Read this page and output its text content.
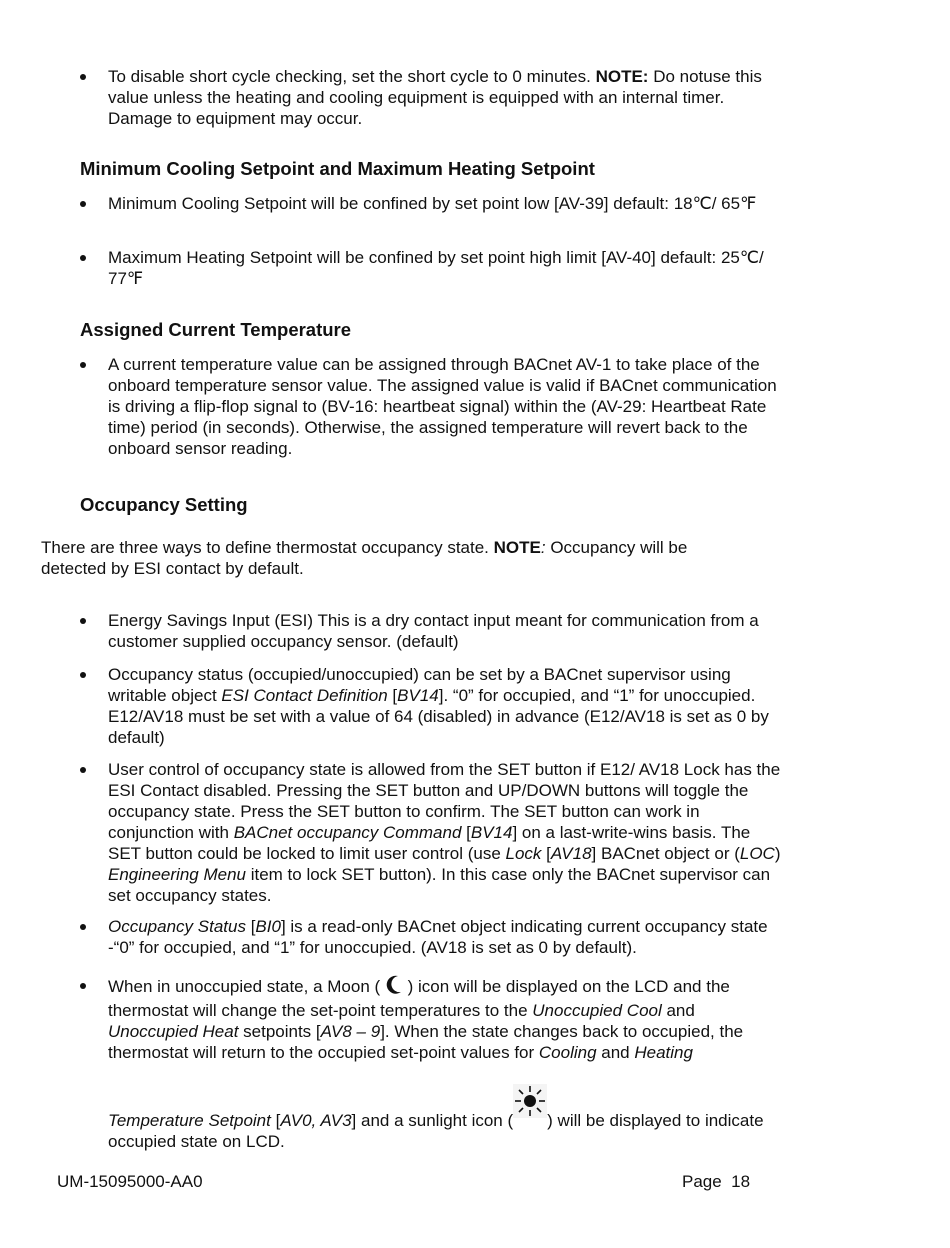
To disable short cycle checking, set the short cycle to 0 minutes. NOTE: Do notuse this value unless the heating and cooling equipment is equipped with an internal timer. Damage to equipment may occur.
Minimum Cooling Setpoint and Maximum Heating Setpoint
Minimum Cooling Setpoint will be confined by set point low [AV-39] default: 18℃/ 65℉
Maximum Heating Setpoint will be confined by set point high limit [AV-40] default: 25℃/ 77℉
Assigned Current Temperature
A current temperature value can be assigned through BACnet AV-1 to take place of the onboard temperature sensor value. The assigned value is valid if BACnet communication is driving a flip-flop signal to (BV-16: heartbeat signal) within the (AV-29: Heartbeat Rate time) period (in seconds). Otherwise, the assigned temperature will revert back to the onboard sensor reading.
Occupancy Setting

There are three ways to define thermostat occupancy state. NOTE: Occupancy will be detected by ESI contact by default.

Energy Savings Input (ESI) This is a dry contact input meant for communication from a customer supplied occupancy sensor. (default)
Occupancy status (occupied/unoccupied) can be set by a BACnet supervisor using writable object ESI Contact Definition [BV14]. “0” for occupied, and “1” for unoccupied. E12/AV18 must be set with a value of 64 (disabled) in advance (E12/AV18 is set as 0 by default)
User control of occupancy state is allowed from the SET button if E12/ AV18 Lock has the ESI Contact disabled. Pressing the SET button and UP/DOWN buttons will toggle the occupancy state. Press the SET button to confirm. The SET button can work in conjunction with BACnet occupancy Command [BV14] on a last-write-wins basis. The SET button could be locked to limit user control (use Lock [AV18] BACnet object or (LOC) Engineering Menu item to lock SET button). In this case only the BACnet supervisor can set occupancy states.
Occupancy Status [BI0] is a read-only BACnet object indicating current occupancy state -“0” for occupied, and “1” for unoccupied. (AV18 is set as 0 by default).
When in unoccupied state, a Moon (  ) icon will be displayed on the LCD and the thermostat will change the set-point temperatures to the Unoccupied Cool and Unoccupied Heat setpoints [AV8 – 9]. When the state changes back to occupied, the thermostat will return to the occupied set-point values for Cooling and Heating

Temperature Setpoint [AV0, AV3] and a sunlight icon ( ) will be displayed to indicate occupied state on LCD.
UM-15095000-AA0	Page 18
